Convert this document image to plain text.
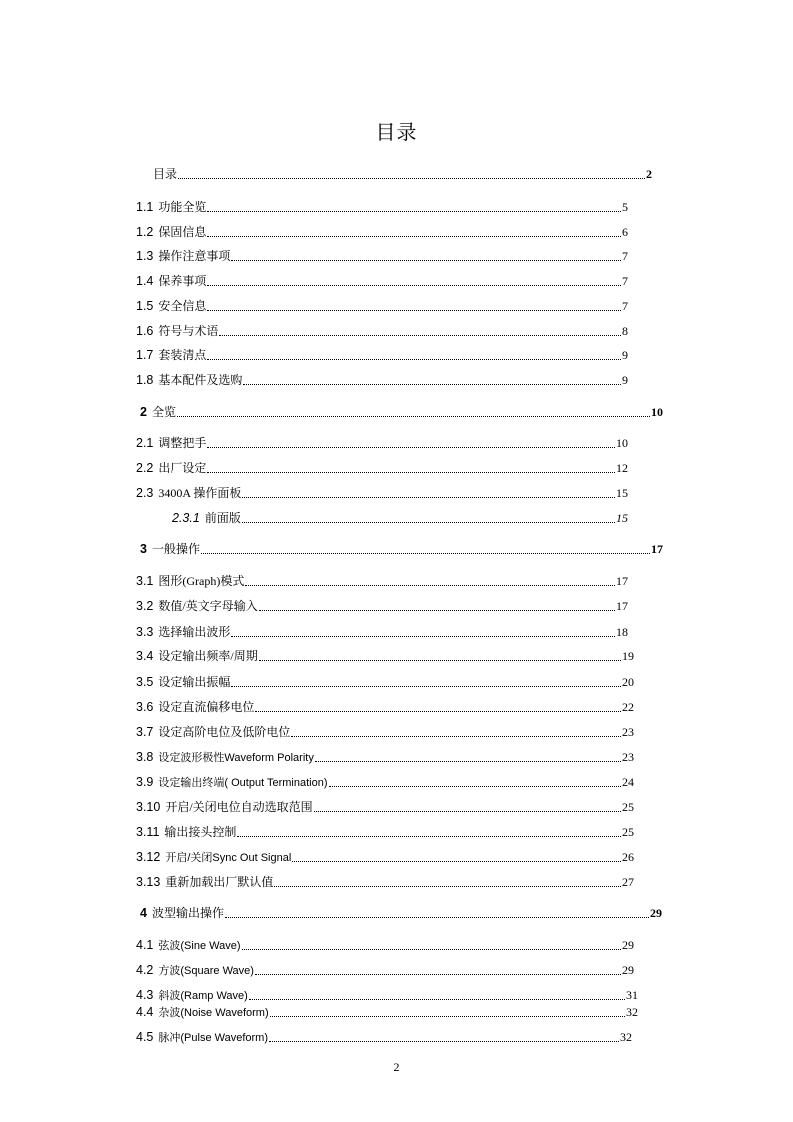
目录
目录	2
1.1 功能全览	5
1.2 保固信息	6
1.3 操作注意事项	7
1.4 保养事项	7
1.5 安全信息	7
1.6 符号与术语	8
1.7 套装清点	9
1.8 基本配件及选购	9
2 全览	10
2.1 调整把手	10
2.2 出厂设定	12
2.3 3400A 操作面板	15
2.3.1 前面版	15
3 一般操作	17
3.1 图形(Graph)模式	17
3.2 数值/英文字母输入	17
3.3 选择输出波形	18
3.4 设定输出频率/周期	19
3.5 设定输出振幅	20
3.6 设定直流偏移电位	22
3.7 设定高阶电位及低阶电位	23
3.8 设定波形极性Waveform Polarity	23
3.9 设定输出终端( Output Termination)	24
3.10 开启/关闭电位自动选取范围	25
3.11 输出接头控制	25
3.12 开启/关闭Sync Out Signal	26
3.13 重新加载出厂默认值	27
4 波型输出操作	29
4.1 弦波(Sine Wave)	29
4.2 方波(Square Wave)	29
4.3 斜波(Ramp Wave)	31
4.4 杂波(Noise Waveform)	32
4.5 脉冲(Pulse Waveform)	32
2
